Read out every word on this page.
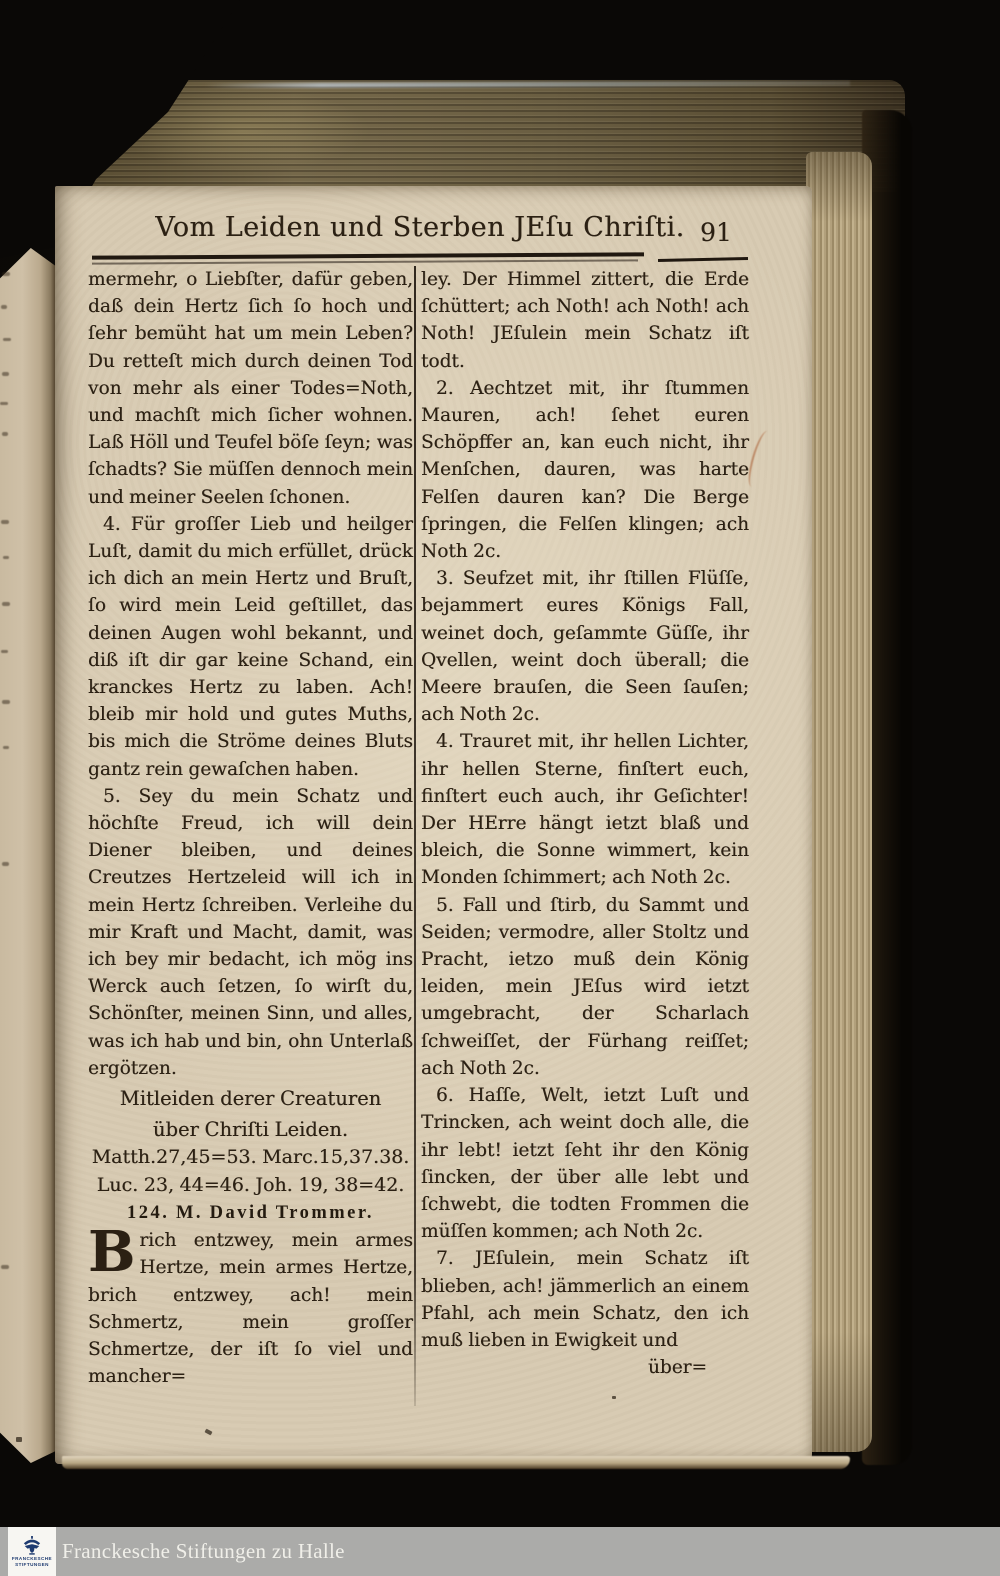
Vom Leiden und Sterben JEſu Chriſti. 91

mermehr, o Liebſter, dafür geben, daß dein Hertz ſich ſo hoch und ſehr bemüht hat um mein Leben? Du retteſt mich durch deinen Tod von mehr als einer Todes=Noth, und machſt mich ſicher wohnen. Laß Höll und Teufel böſe ſeyn; was ſchadts? Sie müſſen dennoch mein und meiner Seelen ſchonen.

4. Für groſſer Lieb und heilger Luſt, damit du mich erfüllet, drück ich dich an mein Hertz und Bruſt, ſo wird mein Leid geſtillet, das deinen Augen wohl bekannt, und diß iſt dir gar keine Schand, ein kranckes Hertz zu laben. Ach! bleib mir hold und gutes Muths, bis mich die Ströme deines Bluts gantz rein gewaſchen haben.

5. Sey du mein Schatz und höchſte Freud, ich will dein Diener bleiben, und deines Creutzes Hertzeleid will ich in mein Hertz ſchreiben. Verleihe du mir Kraft und Macht, damit, was ich bey mir bedacht, ich mög ins Werck auch ſetzen, ſo wirſt du, Schönſter, meinen Sinn, und alles, was ich hab und bin, ohn Unterlaß ergötzen.

Mitleiden derer Creaturen

über Chriſti Leiden.

Matth.27,45=53. Marc.15,37.38.

Luc. 23, 44=46. Joh. 19, 38=42.

124. M. David Trommer.

Brich entzwey, mein armes Hertze, mein armes Hertze, brich entzwey, ach! mein Schmertz, mein groſſer Schmertze, der iſt ſo viel und mancher=

ley. Der Himmel zittert, die Erde ſchüttert; ach Noth! ach Noth! ach Noth! JEſulein mein Schatz iſt todt.

2. Aechtzet mit, ihr ſtummen Mauren, ach! ſehet euren Schöpffer an, kan euch nicht, ihr Menſchen, dauren, was harte Felſen dauren kan? Die Berge ſpringen, die Felſen klingen; ach Noth 2c.

3. Seufzet mit, ihr ſtillen Flüſſe, bejammert eures Königs Fall, weinet doch, geſammte Güſſe, ihr Qvellen, weint doch überall; die Meere brauſen, die Seen ſauſen; ach Noth 2c.

4. Trauret mit, ihr hellen Lichter, ihr hellen Sterne, finſtert euch, finſtert euch auch, ihr Geſichter! Der HErre hängt ietzt blaß und bleich, die Sonne wimmert, kein Monden ſchimmert; ach Noth 2c.

5. Fall und ſtirb, du Sammt und Seiden; vermodre, aller Stoltz und Pracht, ietzo muß dein König leiden, mein JEſus wird ietzt umgebracht, der Scharlach ſchweiſſet, der Fürhang reiſſet; ach Noth 2c.

6. Haſſe, Welt, ietzt Luſt und Trincken, ach weint doch alle, die ihr lebt! ietzt ſeht ihr den König ſincken, der über alle lebt und ſchwebt, die todten Frommen die müſſen kommen; ach Noth 2c.

7. JEſulein, mein Schatz iſt blieben, ach! jämmerlich an einem Pfahl, ach mein Schatz, den ich muß lieben in Ewigkeit und

über=

FRANCKESCHE
STIFTUNGEN
Franckesche Stiftungen zu Halle
